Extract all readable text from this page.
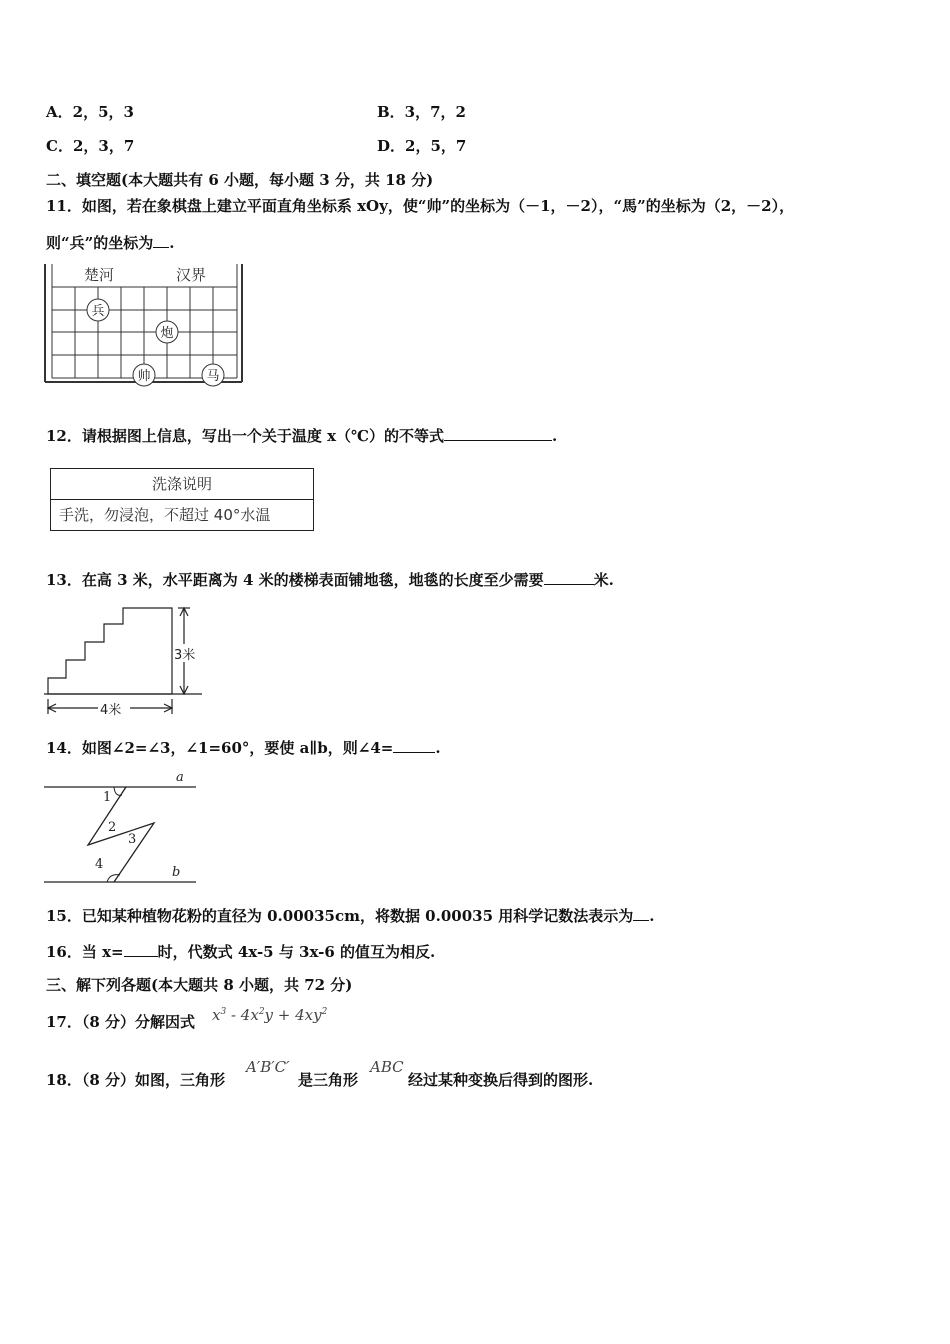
A．2，5，3	B．3，7，2
C．2，3，7	D．2，5，7
二、填空题(本大题共有 6 小题，每小题 3 分，共 18 分)
11．如图，若在象棋盘上建立平面直角坐标系 xOy，使“帅”的坐标为（－1，－2），“馬”的坐标为（2，－2），
则“兵”的坐标为 .
楚河	汉界
兵
炮
帅	马
12．请根据图上信息，写出一个关于温度 x（℃）的不等式	.
洗涤说明
手洗，勿浸泡，不超过 40°水温
13．在高 3 米，水平距离为 4 米的楼梯表面铺地毯，地毯的长度至少需要	米.
3米
4米
14．如图∠2=∠3，∠1=60°，要使 a∥b，则∠4=	.
a
b
1
2
3
4
15．已知某种植物花粉的直径为 0.00035cm，将数据 0.00035 用科学记数法表示为 .
16．当 x= 时，代数式 4x-5 与 3x-6 的值互为相反.
三、解下列各题(本大题共 8 小题，共 72 分)
17．（8 分）分解因式 $x^3 - 4x^2y + 4xy^2$
18．（8 分）如图，三角形
A′B′C′
是三角形
ABC
经过某种变换后得到的图形.
